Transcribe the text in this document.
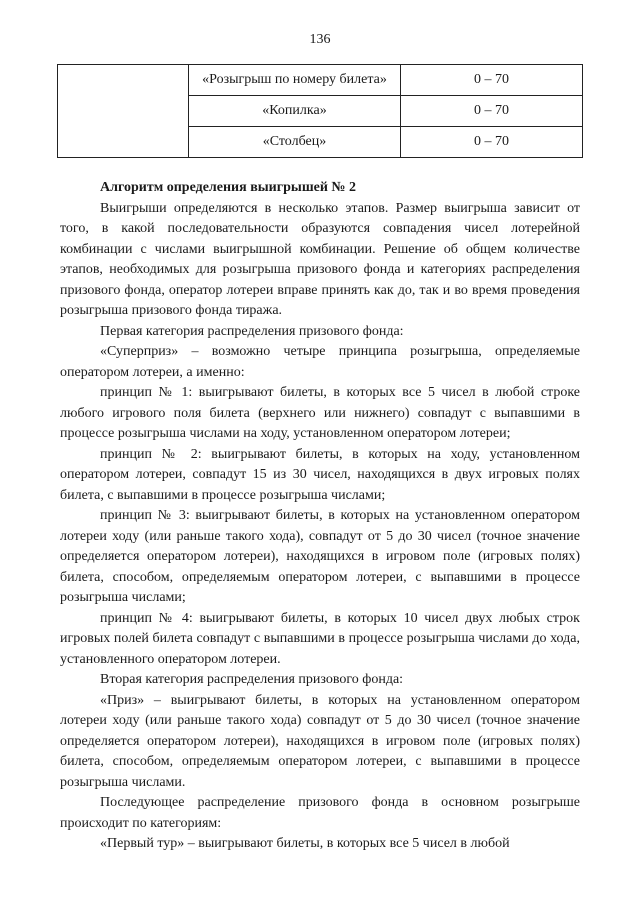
136
	«Розыгрыш по номеру билета»	0 – 70
	«Копилка»	0 – 70
	«Столбец»	0 – 70

Алгоритм определения выигрышей № 2

Выигрыши определяются в несколько этапов. Размер выигрыша зависит от того, в какой последовательности образуются совпадения чисел лотерейной комбинации с числами выигрышной комбинации. Решение об общем количестве этапов, необходимых для розыгрыша призового фонда и категориях распределения призового фонда, оператор лотереи вправе принять как до, так и во время проведения розыгрыша призового фонда тиража.

Первая категория распределения призового фонда:

«Суперприз» – возможно четыре принципа розыгрыша, определяемые оператором лотереи, а именно:

принцип № 1: выигрывают билеты, в которых все 5 чисел в любой строке любого игрового поля билета (верхнего или нижнего) совпадут с выпавшими в процессе розыгрыша числами на ходу, установленном оператором лотереи;

принцип № 2: выигрывают билеты, в которых на ходу, установленном оператором лотереи, совпадут 15 из 30 чисел, находящихся в двух игровых полях билета, с выпавшими в процессе розыгрыша числами;

принцип № 3: выигрывают билеты, в которых на установленном оператором лотереи ходу (или раньше такого хода), совпадут от 5 до 30 чисел (точное значение определяется оператором лотереи), находящихся в игровом поле (игровых полях) билета, способом, определяемым оператором лотереи, с выпавшими в процессе розыгрыша числами;

принцип № 4: выигрывают билеты, в которых 10 чисел двух любых строк игровых полей билета совпадут с выпавшими в процессе розыгрыша числами до хода, установленного оператором лотереи.

Вторая категория распределения призового фонда:

«Приз» – выигрывают билеты, в которых на установленном оператором лотереи ходу (или раньше такого хода) совпадут от 5 до 30 чисел (точное значение определяется оператором лотереи), находящихся в игровом поле (игровых полях) билета, способом, определяемым оператором лотереи, с выпавшими в процессе розыгрыша числами.

Последующее распределение призового фонда в основном розыгрыше происходит по категориям:

«Первый тур» – выигрывают билеты, в которых все 5 чисел в любой
